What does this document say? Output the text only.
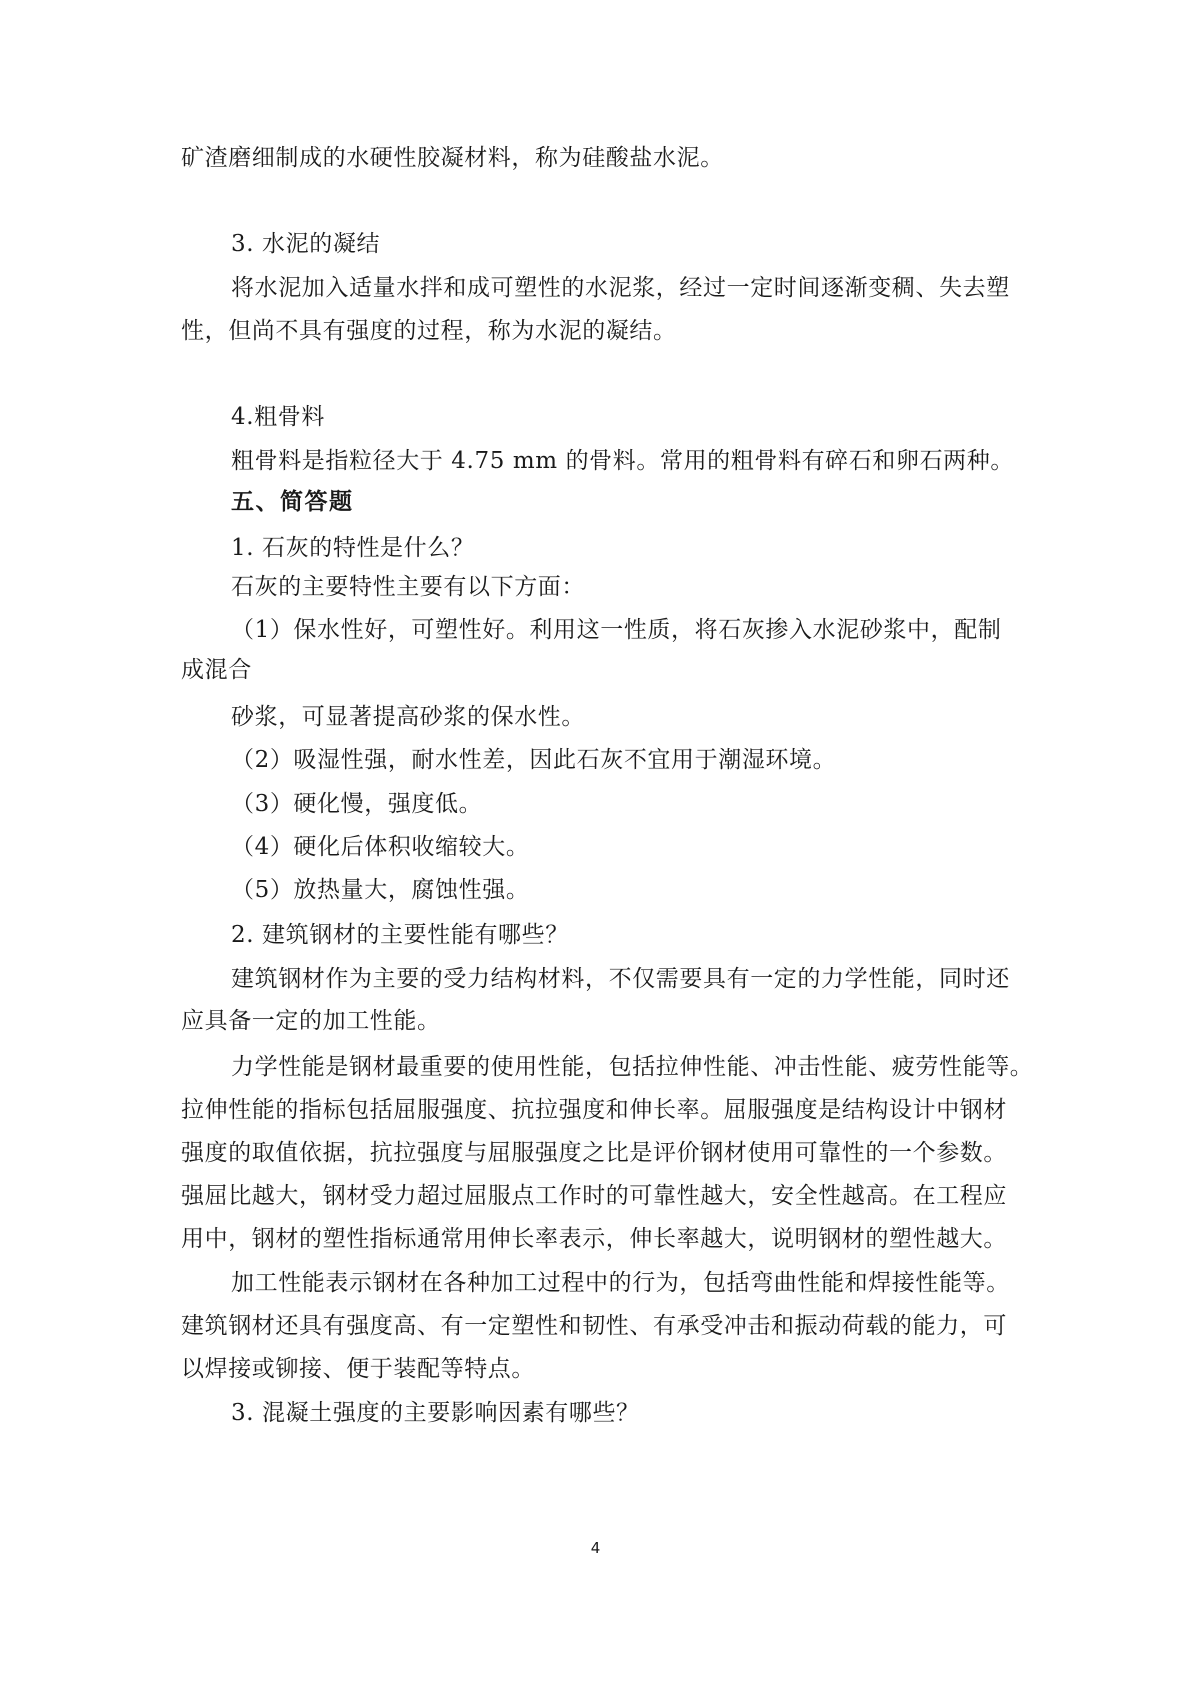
矿渣磨细制成的水硬性胶凝材料，称为硅酸盐水泥。
3. 水泥的凝结
将水泥加入适量水拌和成可塑性的水泥浆，经过一定时间逐渐变稠、失去塑
性，但尚不具有强度的过程，称为水泥的凝结。
4.粗骨料
粗骨料是指粒径大于 4.75 mm 的骨料。常用的粗骨料有碎石和卵石两种。
五、简答题
1. 石灰的特性是什么？
石灰的主要特性主要有以下方面：
（1）保水性好，可塑性好。利用这一性质，将石灰掺入水泥砂浆中，配制
成混合
砂浆，可显著提高砂浆的保水性。
（2）吸湿性强，耐水性差，因此石灰不宜用于潮湿环境。
（3）硬化慢，强度低。
（4）硬化后体积收缩较大。
（5）放热量大，腐蚀性强。
2. 建筑钢材的主要性能有哪些？
建筑钢材作为主要的受力结构材料，不仅需要具有一定的力学性能，同时还
应具备一定的加工性能。
力学性能是钢材最重要的使用性能，包括拉伸性能、冲击性能、疲劳性能等。
拉伸性能的指标包括屈服强度、抗拉强度和伸长率。屈服强度是结构设计中钢材
强度的取值依据，抗拉强度与屈服强度之比是评价钢材使用可靠性的一个参数。
强屈比越大，钢材受力超过屈服点工作时的可靠性越大，安全性越高。在工程应
用中，钢材的塑性指标通常用伸长率表示，伸长率越大，说明钢材的塑性越大。
加工性能表示钢材在各种加工过程中的行为，包括弯曲性能和焊接性能等。
建筑钢材还具有强度高、有一定塑性和韧性、有承受冲击和振动荷载的能力，可
以焊接或铆接、便于装配等特点。
3. 混凝土强度的主要影响因素有哪些？
4
